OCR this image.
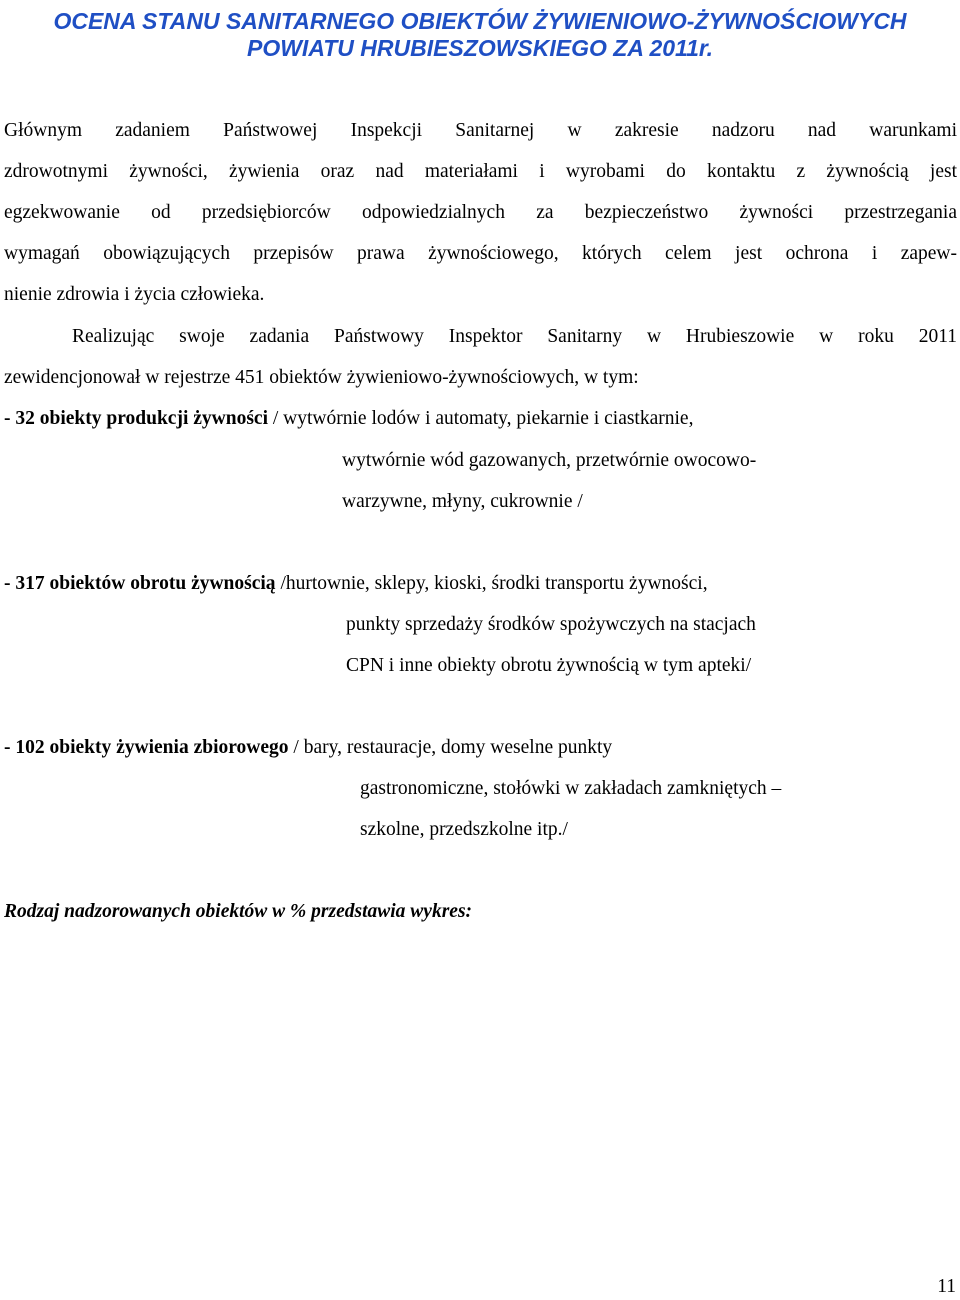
OCENA STANU SANITARNEGO OBIEKTÓW ŻYWIENIOWO-ŻYWNOŚCIOWYCH
POWIATU HRUBIESZOWSKIEGO ZA 2011r.
Głównym zadaniem Państwowej Inspekcji Sanitarnej w zakresie nadzoru nad warunkami
zdrowotnymi żywności, żywienia oraz nad materiałami i wyrobami do kontaktu z żywnością jest
egzekwowanie od przedsiębiorców odpowiedzialnych za bezpieczeństwo żywności przestrzegania
wymagań obowiązujących przepisów prawa żywnościowego, których celem jest ochrona i zapew-
nienie zdrowia i życia człowieka.
Realizując swoje zadania Państwowy Inspektor Sanitarny w Hrubieszowie w roku 2011
zewidencjonował w rejestrze 451 obiektów żywieniowo-żywnościowych, w tym:
- 32 obiekty produkcji żywności / wytwórnie lodów i automaty, piekarnie i ciastkarnie,
wytwórnie wód gazowanych, przetwórnie owocowo-
warzywne, młyny, cukrownie /
- 317 obiektów obrotu żywnością /hurtownie, sklepy, kioski, środki transportu żywności,
punkty sprzedaży środków spożywczych na stacjach
CPN i inne obiekty obrotu żywnością w tym apteki/
- 102 obiekty żywienia zbiorowego / bary, restauracje, domy weselne punkty
gastronomiczne, stołówki w zakładach zamkniętych –
szkolne, przedszkolne itp./
Rodzaj nadzorowanych obiektów w % przedstawia wykres:
11
